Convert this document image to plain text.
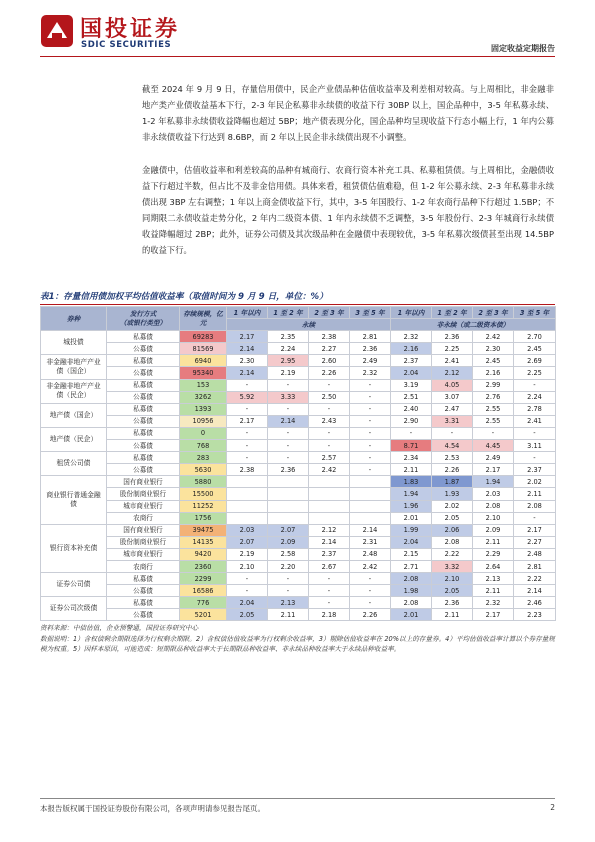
国投证券
SDIC SECURITIES	固定收益定期报告

截至 2024 年 9 月 9 日，存量信用债中，民企产业债品种估值收益率及利差相对较高。与上周相比，非金融非地产类产业债收益基本下行，2-3 年民企私募非永续债的收益下行 30BP 以上，国企品种中，3-5 年私募永续、1-2 年私募非永续债收益降幅也超过 5BP；地产债表现分化，国企品种均呈现收益下行态小幅上行，1 年内公募非永续债收益下行达到 8.6BP，而 2 年以上民企非永续债出现不小调整。

金融债中，估值收益率和利差较高的品种有城商行、农商行资本补充工具、私募租赁债。与上周相比，金融债收益下行超过半数，但占比不及非金信用债。具体来看，租赁债估值难稳，但 1-2 年公募永续、2-3 年私募非永续债出现 3BP 左右调整；1 年以上商金债收益下行，其中，3-5 年国股行、1-2 年农商行品种下行超过 1.5BP；不同期限二永债收益走势分化，2 年内二级资本债、1 年内永续债不乏调整，3-5 年股份行、2-3 年城商行永续债收益降幅超过 2BP；此外，证券公司债及其次级品种在金融债中表现较优，3-5 年私募次级债甚至出现 14.5BP 的收益下行。

表1：存量信用债加权平均估值收益率（取值时间为 9 月 9 日，单位：%）
券种	发行方式
（或银行类型）	存续规模，亿元	1 年以内	1 至 2 年	2 至 3 年	3 至 5 年	1 年以内	1 至 2 年	2 至 3 年	3 至 5 年
			永续				非永续（或二级资本债）			
城投债	私募债	69283	2.17	2.35	2.38	2.81	2.32	2.36	2.42	2.70
	公募债	81569	2.14	2.24	2.27	2.36	2.16	2.25	2.30	2.45
非金融非地产产业债（国企）	私募债	6940	2.30	2.95	2.60	2.49	2.37	2.41	2.45	2.69
	公募债	95340	2.14	2.19	2.26	2.32	2.04	2.12	2.16	2.25
非金融非地产产业债（民企）	私募债	153	-	-	-	-	3.19	4.05	2.99	-
	公募债	3262	5.92	3.33	2.50	-	2.51	3.07	2.76	2.24
地产债（国企）	私募债	1393	-	-	-	-	2.40	2.47	2.55	2.78
	公募债	10956	2.17	2.14	2.43	-	2.90	3.31	2.55	2.41
地产债（民企）	私募债	0	-	-	-	-	-	-	-	-
	公募债	768	-	-	-	-	8.71	4.54	4.45	3.11
租赁公司债	私募债	283	-	-	2.57	-	2.34	2.53	2.49	-
	公募债	5630	2.38	2.36	2.42	-	2.11	2.26	2.17	2.37
商业银行普通金融债	国有商业银行	5880					1.83	1.87	1.94	2.02
	股份制商业银行	15500					1.94	1.93	2.03	2.11
	城市商业银行	11252					1.96	2.02	2.08	2.08
	农商行	1756					2.01	2.05	2.10	-
银行资本补充债	国有商业银行	39475	2.03	2.07	2.12	2.14	1.99	2.06	2.09	2.17
	股份制商业银行	14135	2.07	2.09	2.14	2.31	2.04	2.08	2.11	2.27
	城市商业银行	9420	2.19	2.58	2.37	2.48	2.15	2.22	2.29	2.48
	农商行	2360	2.10	2.20	2.67	2.42	2.71	3.32	2.64	2.81
证券公司债	私募债	2299	-	-	-	-	2.08	2.10	2.13	2.22
	公募债	16586	-	-	-	-	1.98	2.05	2.11	2.14
证券公司次级债	私募债	776	2.04	2.13	-	-	2.08	2.36	2.32	2.46
	公募债	5201	2.05	2.11	2.18	2.26	2.01	2.11	2.17	2.23

资料来源：中债估值，企业预警通，国投证券研究中心

数据说明：1）含权债剩余期限选择为行权剩余期限。2）含权债估值收益率为行权剩余收益率，3）剔除估值收益率在 20%以上的存量券。4）平均估值收益率计算以个券存量规模为权重。5）因样本原因，可能造成：短期限品种收益率大于长期限品种收益率、非永续品种收益率大于永续品种收益率。

本报告版权属于国投证券股份有限公司，各项声明请参见报告尾页。	2
